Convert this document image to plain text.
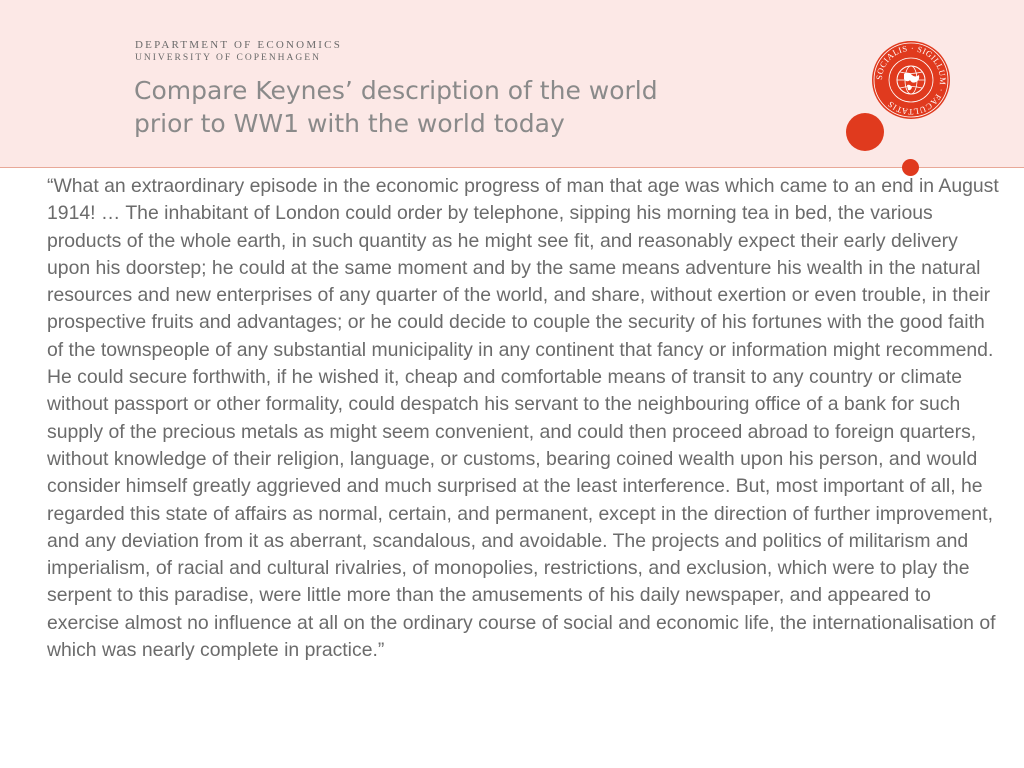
DEPARTMENT OF ECONOMICS
UNIVERSITY OF COPENHAGEN
Compare Keynes’ description of the world
prior to WW1 with the world today
SOCIALIS · SIGILLUM · FACULTATIS

“What an extraordinary episode in the economic progress of man that age was which came to an end in August 1914! … The inhabitant of London could order by telephone, sipping his morning tea in bed, the various products of the whole earth, in such quantity as he might see fit, and reasonably expect their early delivery upon his doorstep; he could at the same moment and by the same means adventure his wealth in the natural resources and new enterprises of any quarter of the world, and share, without exertion or even trouble, in their prospective fruits and advantages; or he could decide to couple the security of his fortunes with the good faith of the townspeople of any substantial municipality in any continent that fancy or information might recommend. He could secure forthwith, if he wished it, cheap and comfortable means of transit to any country or climate without passport or other formality, could despatch his servant to the neighbouring office of a bank for such supply of the precious metals as might seem convenient, and could then proceed abroad to foreign quarters, without knowledge of their religion, language, or customs, bearing coined wealth upon his person, and would consider himself greatly aggrieved and much surprised at the least interference. But, most important of all, he regarded this state of affairs as normal, certain, and permanent, except in the direction of further improvement, and any deviation from it as aberrant, scandalous, and avoidable. The projects and politics of militarism and imperialism, of racial and cultural rivalries, of monopolies, restrictions, and exclusion, which were to play the serpent to this paradise, were little more than the amusements of his daily newspaper, and appeared to exercise almost no influence at all on the ordinary course of social and economic life, the internationalisation of which was nearly complete in practice.”
